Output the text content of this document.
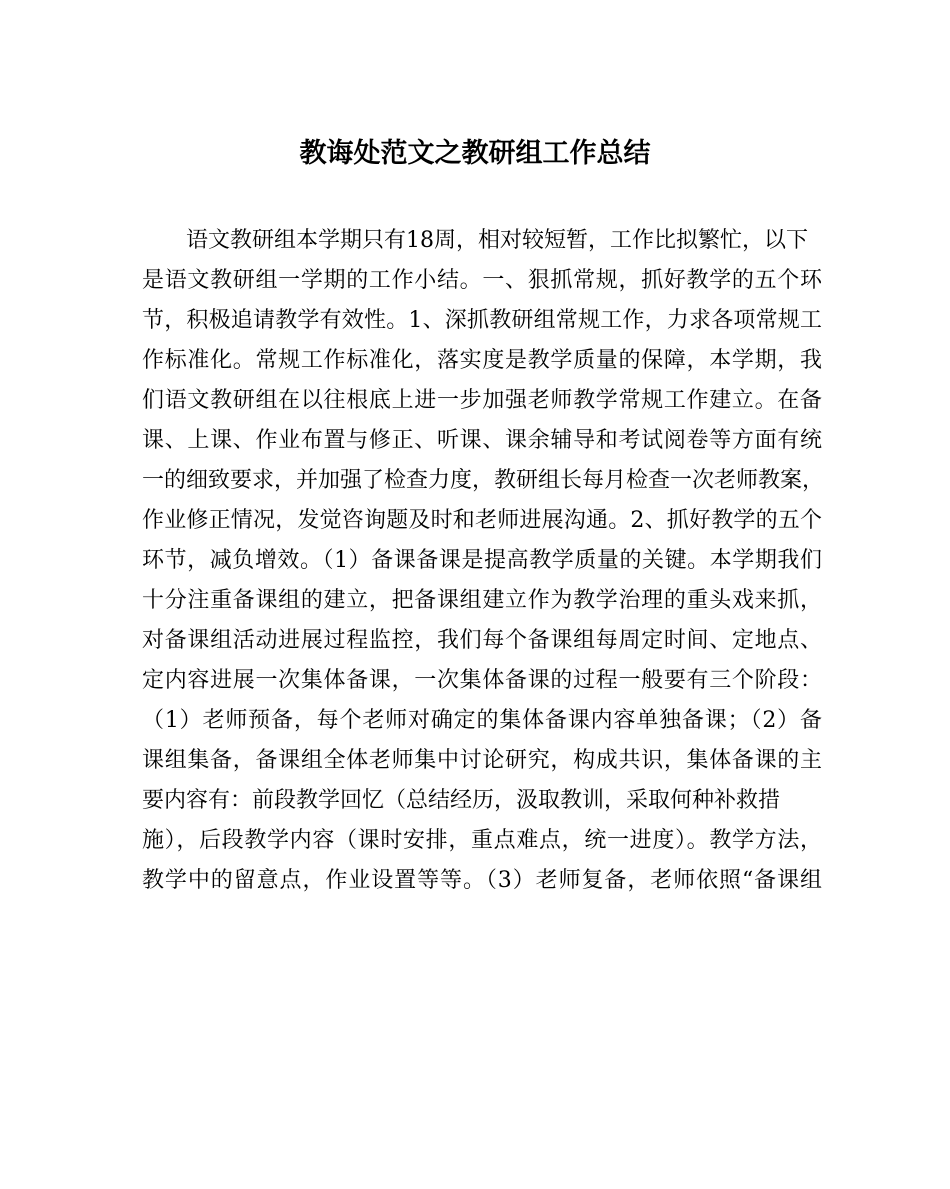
教诲处范文之教研组工作总结
语文教研组本学期只有18周，相对较短暂，工作比拟繁忙，以下
是语文教研组一学期的工作小结。一、狠抓常规，抓好教学的五个环
节，积极追请教学有效性。1、深抓教研组常规工作，力求各项常规工
作标准化。常规工作标准化，落实度是教学质量的保障，本学期，我
们语文教研组在以往根底上进一步加强老师教学常规工作建立。在备
课、上课、作业布置与修正、听课、课余辅导和考试阅卷等方面有统
一的细致要求，并加强了检查力度，教研组长每月检查一次老师教案，
作业修正情况，发觉咨询题及时和老师进展沟通。2、抓好教学的五个
环节，减负增效。（1）备课备课是提高教学质量的关键。本学期我们
十分注重备课组的建立，把备课组建立作为教学治理的重头戏来抓，
对备课组活动进展过程监控，我们每个备课组每周定时间、定地点、
定内容进展一次集体备课，一次集体备课的过程一般要有三个阶段：
（1）老师预备，每个老师对确定的集体备课内容单独备课；（2）备
课组集备，备课组全体老师集中讨论研究，构成共识，集体备课的主
要内容有：前段教学回忆（总结经历，汲取教训，采取何种补救措
施），后段教学内容（课时安排，重点难点，统一进度）。教学方法，
教学中的留意点，作业设置等等。（3）老师复备，老师依照“备课组
